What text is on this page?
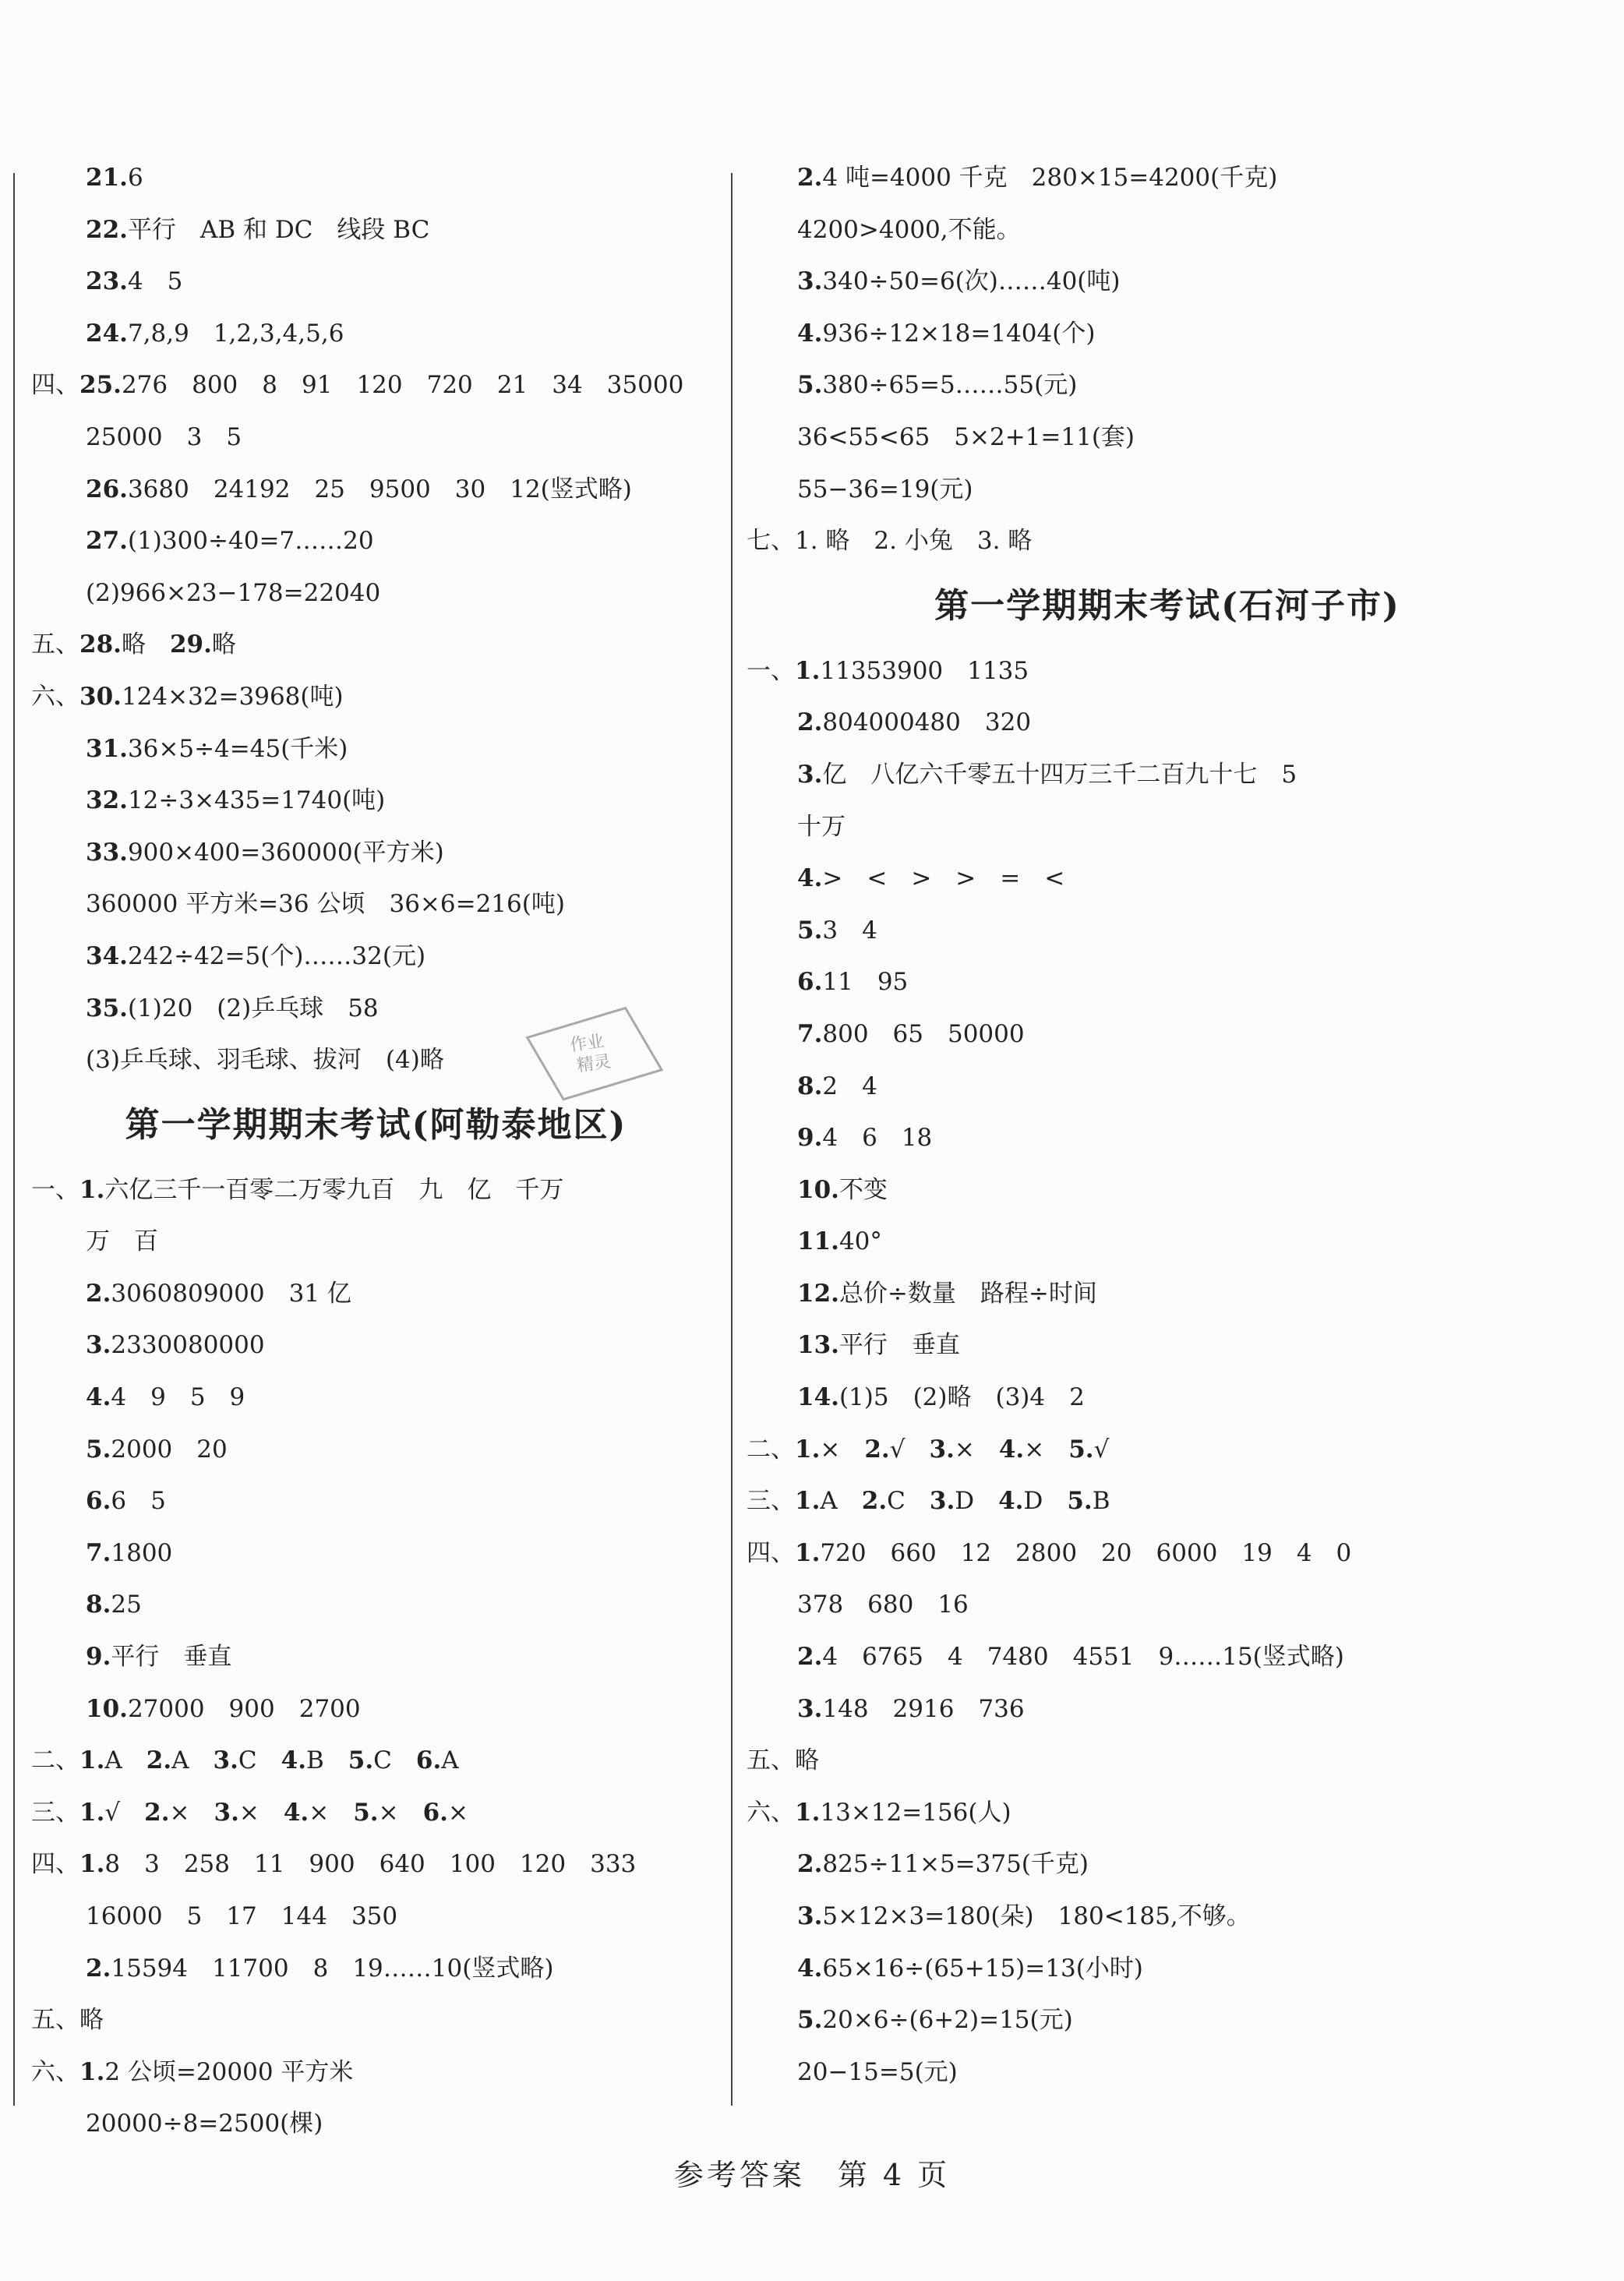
21.6
22.平行　AB 和 DC　线段 BC
23.4　5
24.7,8,9　1,2,3,4,5,6
四、25.276　800　8　91　120　720　21　34　35000
25000　3　5
26.3680　24192　25　9500　30　12(竖式略)
27.(1)300÷40=7……20
(2)966×23−178=22040
五、28.略　29.略
六、30.124×32=3968(吨)
31.36×5÷4=45(千米)
32.12÷3×435=1740(吨)
33.900×400=360000(平方米)
360000 平方米=36 公顷　36×6=216(吨)
34.242÷42=5(个)……32(元)
35.(1)20　(2)乒乓球　58
(3)乒乓球、羽毛球、拔河　(4)略
第一学期期末考试(阿勒泰地区)
一、1.六亿三千一百零二万零九百　九　亿　千万
万　百
2.3060809000　31 亿
3.2330080000
4.4　9　5　9
5.2000　20
6.6　5
7.1800
8.25
9.平行　垂直
10.27000　900　2700
二、1.A　2.A　3.C　4.B　5.C　6.A
三、1.√　2.×　3.×　4.×　5.×　6.×
四、1.8　3　258　11　900　640　100　120　333
16000　5　17　144　350
2.15594　11700　8　19……10(竖式略)
五、略
六、1.2 公顷=20000 平方米
20000÷8=2500(棵)
2.4 吨=4000 千克　280×15=4200(千克)
4200>4000,不能。
3.340÷50=6(次)……40(吨)
4.936÷12×18=1404(个)
5.380÷65=5……55(元)
36<55<65　5×2+1=11(套)
55−36=19(元)
七、1. 略　2. 小兔　3. 略
第一学期期末考试(石河子市)
一、1.11353900　1135
2.804000480　320
3.亿　八亿六千零五十四万三千二百九十七　5
十万
4.>　<　>　>　=　<
5.3　4
6.11　95
7.800　65　50000
8.2　4
9.4　6　18
10.不变
11.40°
12.总价÷数量　路程÷时间
13.平行　垂直
14.(1)5　(2)略　(3)4　2
二、1.×　2.√　3.×　4.×　5.√
三、1.A　2.C　3.D　4.D　5.B
四、1.720　660　12　2800　20　6000　19　4　0
378　680　16
2.4　6765　4　7480　4551　9……15(竖式略)
3.148　2916　736
五、略
六、1.13×12=156(人)
2.825÷11×5=375(千克)
3.5×12×3=180(朵)　180<185,不够。
4.65×16÷(65+15)=13(小时)
5.20×6÷(6+2)=15(元)
20−15=5(元)
作业
精灵
参考答案　第 4 页
